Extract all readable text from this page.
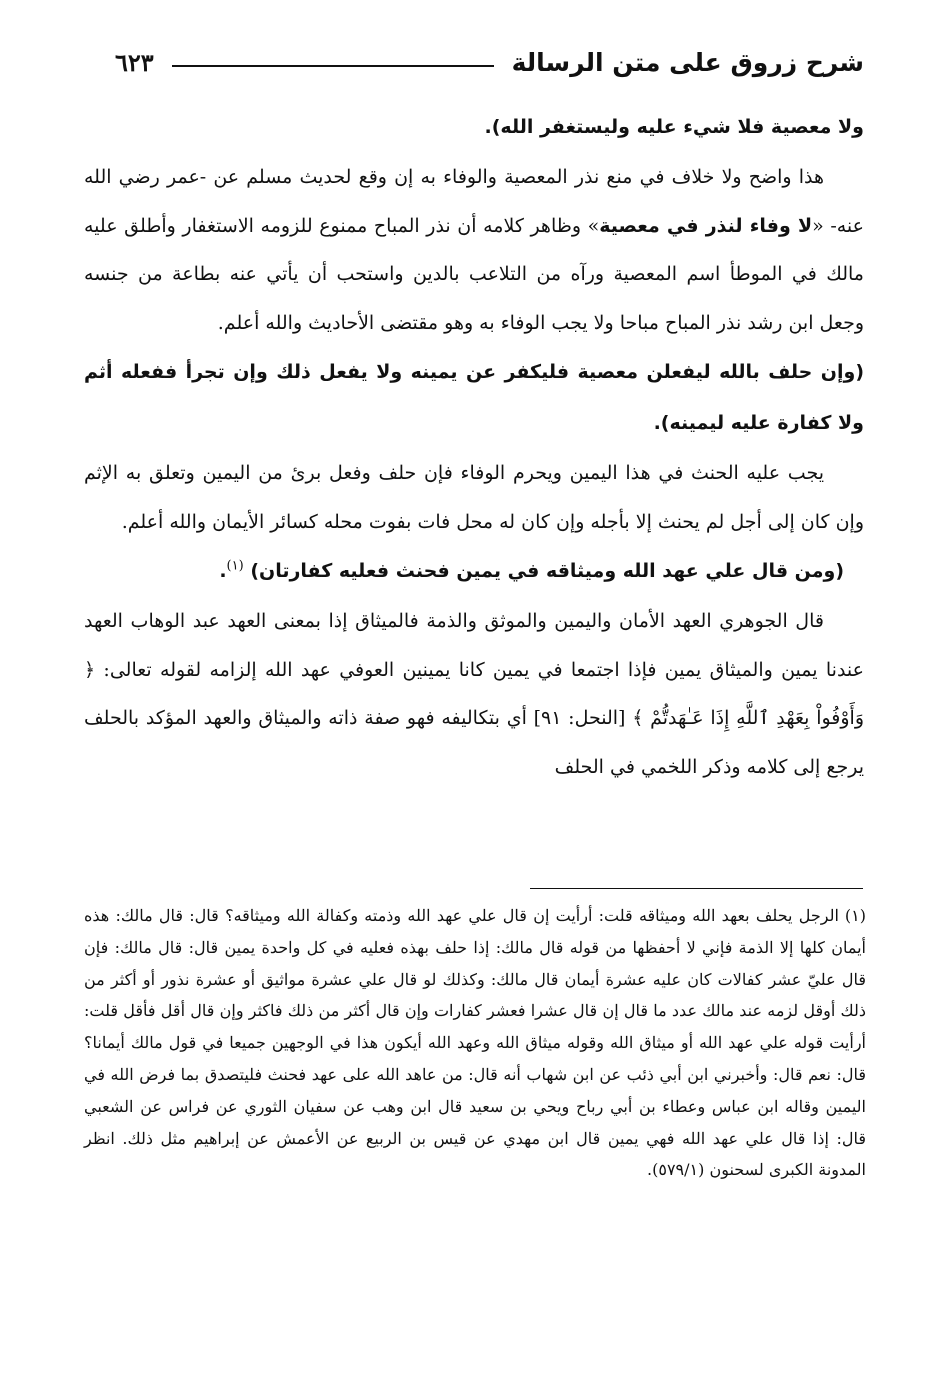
شرح زروق على متن الرسالة
٦٢٣

ولا معصية فلا شيء عليه وليستغفر الله).

هذا واضح ولا خلاف في منع نذر المعصية والوفاء به إن وقع لحديث مسلم عن -عمر رضي الله عنه- «لا وفاء لنذر في معصية» وظاهر كلامه أن نذر المباح ممنوع للزومه الاستغفار وأطلق عليه مالك في الموطأ اسم المعصية ورآه من التلاعب بالدين واستحب أن يأتي عنه بطاعة من جنسه وجعل ابن رشد نذر المباح مباحا ولا يجب الوفاء به وهو مقتضى الأحاديث والله أعلم.

(وإن حلف بالله ليفعلن معصية فليكفر عن يمينه ولا يفعل ذلك وإن تجرأ ففعله أثم ولا كفارة عليه ليمينه).

يجب عليه الحنث في هذا اليمين ويحرم الوفاء فإن حلف وفعل برئ من اليمين وتعلق به الإثم وإن كان إلى أجل لم يحنث إلا بأجله وإن كان له محل فات بفوت محله كسائر الأيمان والله أعلم.

(ومن قال علي عهد الله وميثاقه في يمين فحنث فعليه كفارتان) $^{(١)}$.

قال الجوهري العهد الأمان واليمين والموثق والذمة فالميثاق إذا بمعنى العهد عبد الوهاب العهد عندنا يمين والميثاق يمين فإذا اجتمعا في يمين كانا يمينين العوفي عهد الله إلزامه لقوله تعالى: ﴿ وَأَوْفُواْ بِعَهْدِ ٱللَّهِ إِذَا عَـٰهَدتُّمْ ﴾ [النحل: ٩١] أي بتكاليفه فهو صفة ذاته والميثاق والعهد المؤكد بالحلف يرجع إلى كلامه وذكر اللخمي في الحلف

(١)الرجل يحلف بعهد الله وميثاقه قلت: أرأيت إن قال علي عهد الله وذمته وكفالة الله وميثاقه؟ قال: قال مالك: هذه أيمان كلها إلا الذمة فإني لا أحفظها من قوله قال مالك: إذا حلف بهذه فعليه في كل واحدة يمين قال: قال مالك: فإن قال عليّ عشر كفالات كان عليه عشرة أيمان قال مالك: وكذلك لو قال علي عشرة مواثيق أو عشرة نذور أو أكثر من ذلك أوقل لزمه عند مالك عدد ما قال إن قال عشرا فعشر كفارات وإن قال أكثر من ذلك فاكثر وإن قال أقل فأقل قلت: أرأيت قوله علي عهد الله أو ميثاق الله وقوله ميثاق الله وعهد الله أيكون هذا في الوجهين جميعا في قول مالك أيمانا؟ قال: نعم قال: وأخبرني ابن أبي ذئب عن ابن شهاب أنه قال: من عاهد الله على عهد فحنث فليتصدق بما فرض الله في اليمين وقاله ابن عباس وعطاء بن أبي رباح ويحي بن سعيد قال ابن وهب عن سفيان الثوري عن فراس عن الشعبي قال: إذا قال علي عهد الله فهي يمين قال ابن مهدي عن قيس بن الربيع عن الأعمش عن إبراهيم مثل ذلك. انظر المدونة الكبرى لسحنون (٥٧٩/١).
